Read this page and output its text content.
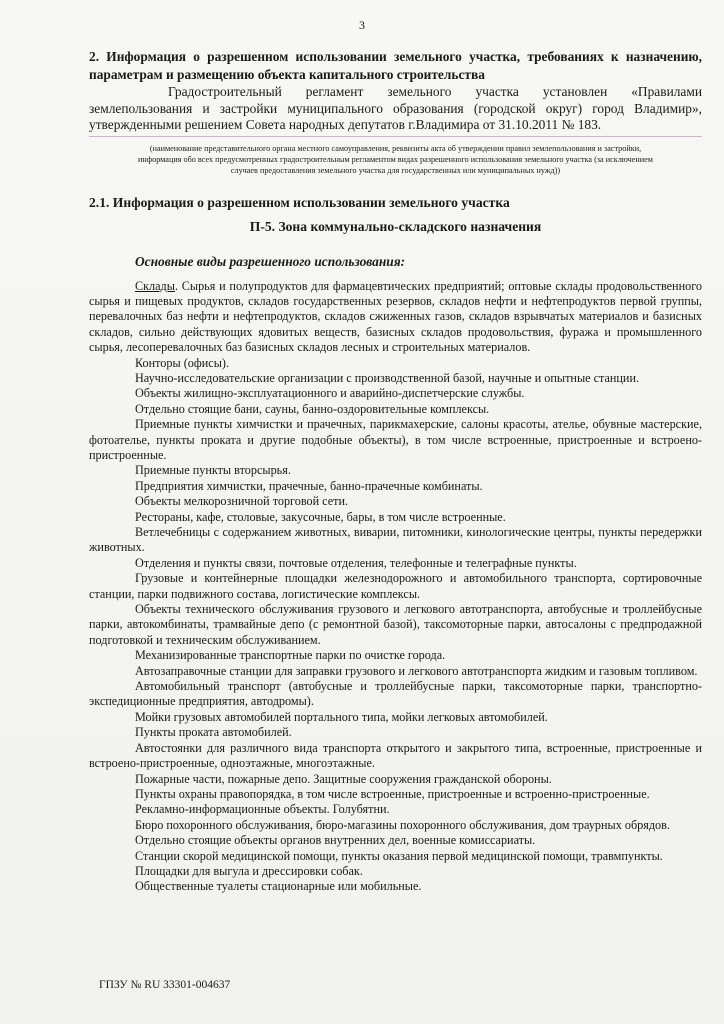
3

2. Информация о разрешенном использовании земельного участка, требованиях к назначению, параметрам и размещению объекта капитального строительства

Градостроительный регламент земельного участка установлен «Правилами землепользования и застройки муниципального образования (городской округ) город Владимир», утвержденными решением Совета народных депутатов г.Владимира от 31.10.2011 № 183.

(наименование представительного органа местного самоуправления, реквизиты акта об утверждении правил землепользования и застройки, информация обо всех предусмотренных градостроительным регламентом видах разрешенного использования земельного участка (за исключением случаев предоставления земельного участка для государственных или муниципальных нужд))
2.1. Информация о разрешенном использовании земельного участка
П-5. Зона коммунально-складского назначения
Основные виды разрешенного использования:

Склады. Сырья и полупродуктов для фармацевтических предприятий; оптовые склады продовольственного сырья и пищевых продуктов, складов государственных резервов, складов нефти и нефтепродуктов первой группы, перевалочных баз нефти и нефтепродуктов, складов сжиженных газов, складов взрывчатых материалов и базисных складов, сильно действующих ядовитых веществ, базисных складов продовольствия, фуража и промышленного сырья, лесоперевалочных баз базисных складов лесных и строительных материалов.

Конторы (офисы).

Научно-исследовательские организации с производственной базой, научные и опытные станции.

Объекты жилищно-эксплуатационного и аварийно-диспетчерские службы.

Отдельно стоящие бани, сауны, банно-оздоровительные комплексы.

Приемные пункты химчистки и прачечных, парикмахерские, салоны красоты, ателье, обувные мастерские, фотоателье, пункты проката и другие подобные объекты), в том числе встроенные, пристроенные и встроено-пристроенные.

Приемные пункты вторсырья.

Предприятия химчистки, прачечные, банно-прачечные комбинаты.

Объекты мелкорозничной торговой сети.

Рестораны, кафе, столовые, закусочные, бары, в том числе встроенные.

Ветлечебницы с содержанием животных, виварии, питомники, кинологические центры, пункты передержки животных.

Отделения и пункты связи, почтовые отделения, телефонные и телеграфные пункты.

Грузовые и контейнерные площадки железнодорожного и автомобильного транспорта, сортировочные станции, парки подвижного состава, логистические комплексы.

Объекты технического обслуживания грузового и легкового автотранспорта, автобусные и троллейбусные парки, автокомбинаты, трамвайные депо (с ремонтной базой), таксомоторные парки, автосалоны с предпродажной подготовкой и техническим обслуживанием.

Механизированные транспортные парки по очистке города.

Автозаправочные станции для заправки грузового и легкового автотранспорта жидким и газовым топливом.

Автомобильный транспорт (автобусные и троллейбусные парки, таксомоторные парки, транспортно-экспедиционные предприятия, автодромы).

Мойки грузовых автомобилей портального типа, мойки легковых автомобилей.

Пункты проката автомобилей.

Автостоянки для различного вида транспорта открытого и закрытого типа, встроенные, пристроенные и встроено-пристроенные, одноэтажные, многоэтажные.

Пожарные части, пожарные депо. Защитные сооружения гражданской обороны.

Пункты охраны правопорядка, в том числе встроенные, пристроенные и встроенно-пристроенные.

Рекламно-информационные объекты. Голубятни.

Бюро похоронного обслуживания, бюро-магазины похоронного обслуживания, дом траурных обрядов.

Отдельно стоящие объекты органов внутренних дел, военные комиссариаты.

Станции скорой медицинской помощи, пункты оказания первой медицинской помощи, травмпункты.

Площадки для выгула и дрессировки собак.

Общественные туалеты стационарные или мобильные.

ГПЗУ № RU 33301-004637
